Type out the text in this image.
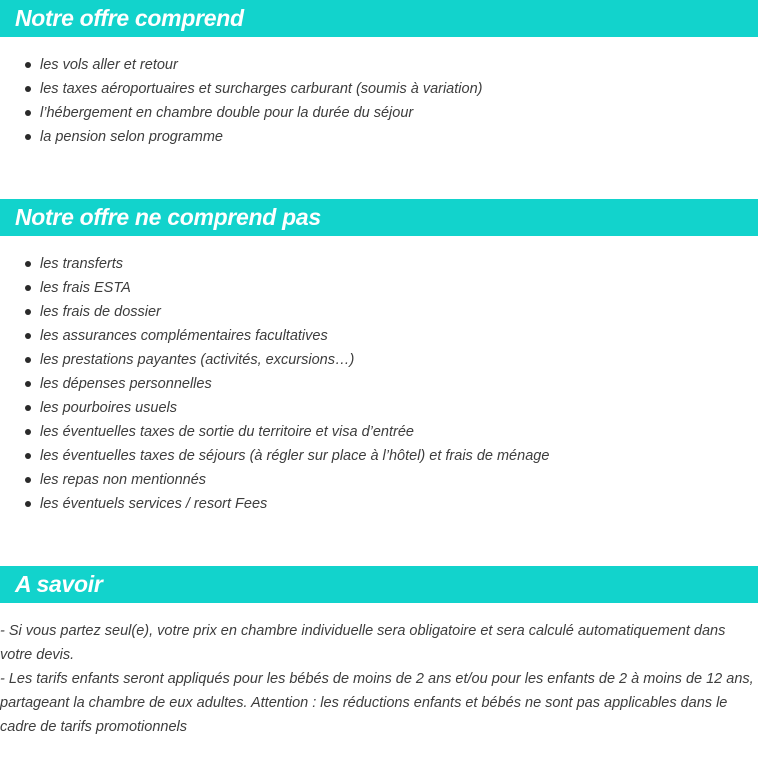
Notre offre comprend
les vols aller et retour
les taxes aéroportuaires et surcharges carburant (soumis à variation)
l’hébergement en chambre double pour la durée du séjour
la pension selon programme
Notre offre ne comprend pas
les transferts
les frais ESTA
les frais de dossier
les assurances complémentaires facultatives
les prestations payantes (activités, excursions…)
les dépenses personnelles
les pourboires usuels
les éventuelles taxes de sortie du territoire et visa d’entrée
les éventuelles taxes de séjours (à régler sur place à l’hôtel) et frais de ménage
les repas non mentionnés
les éventuels services / resort Fees
A savoir

- Si vous partez seul(e), votre prix en chambre individuelle sera obligatoire et sera calculé automatiquement dans votre devis.

- Les tarifs enfants seront appliqués pour les bébés de moins de 2 ans et/ou pour les enfants de 2 à moins de 12 ans, partageant la chambre de eux adultes. Attention : les réductions enfants et bébés ne sont pas applicables dans le cadre de tarifs promotionnels
